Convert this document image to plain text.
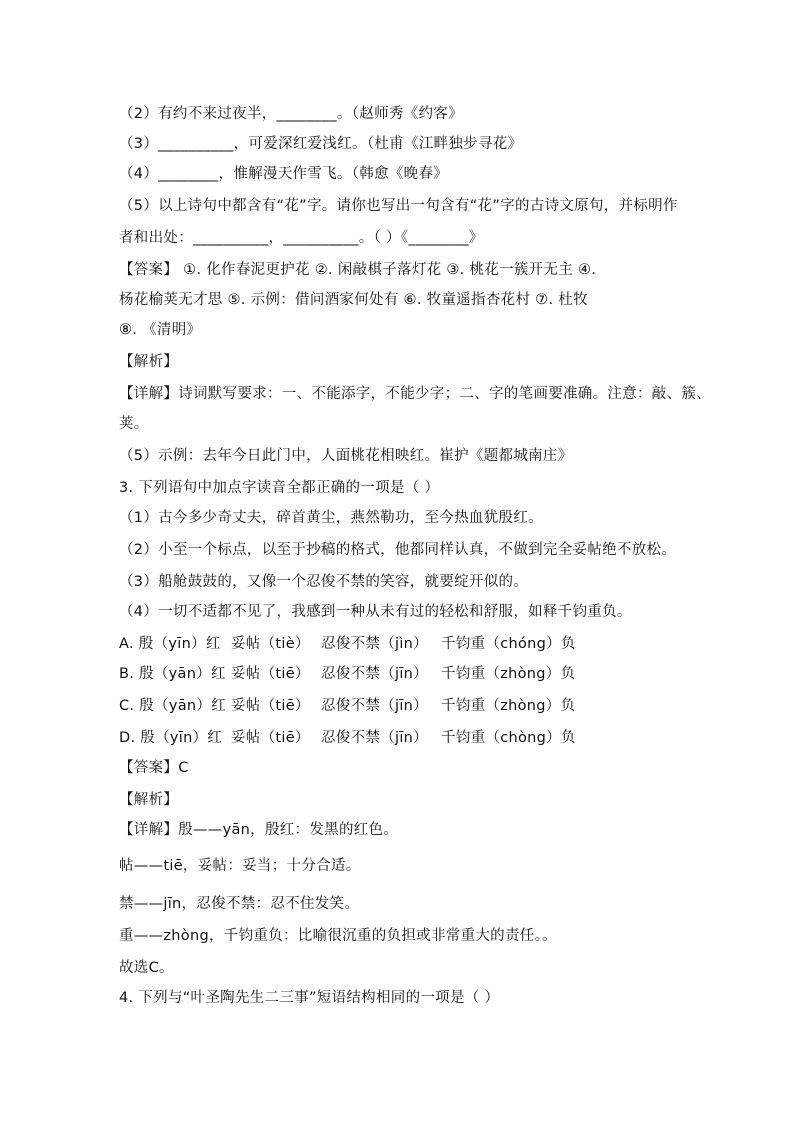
（2）有约不来过夜半，________。（赵师秀《约客》
（3）__________，可爱深红爱浅红。（杜甫《江畔独步寻花》
（4）________，惟解漫天作雪飞。（韩愈《晚春》
（5）以上诗句中都含有“花”字。请你也写出一句含有“花”字的古诗文原句，并标明作
者和出处：__________，__________。（ ）《________》
【答案】 ①. 化作春泥更护花 ②. 闲敲棋子落灯花 ③. 桃花一簇开无主 ④.
杨花榆荚无才思 ⑤. 示例：借问酒家何处有 ⑥. 牧童遥指杏花村 ⑦. 杜牧
⑧. 《清明》
【解析】
【详解】诗词默写要求：一、不能添字，不能少字；二、字的笔画要准确。注意：敲、簇、
荚。
（5）示例：去年今日此门中，人面桃花相映红。崔护《题都城南庄》
3. 下列语句中加点字读音全都正确的一项是（ ）
（1）古今多少奇丈夫，碎首黄尘，燕然勒功，至今热血犹殷红。
（2）小至一个标点，以至于抄稿的格式，他都同样认真，不做到完全妥帖绝不放松。
（3）船舱鼓鼓的，又像一个忍俊不禁的笑容，就要绽开似的。
（4）一切不适都不见了，我感到一种从未有过的轻松和舒服，如释千钧重负。
A. 殷（yīn）红 妥帖（tiè） 忍俊不禁（jìn） 千钧重（chóng）负
B. 殷（yān）红 妥帖（tiē） 忍俊不禁（jīn） 千钧重（zhòng）负
C. 殷（yān）红 妥帖（tiē） 忍俊不禁（jīn） 千钧重（zhòng）负
D. 殷（yīn）红 妥帖（tiē） 忍俊不禁（jīn） 千钧重（chòng）负
【答案】C
【解析】
【详解】殷——yān，殷红：发黑的红色。
帖——tiē，妥帖：妥当；十分合适。
禁——jīn，忍俊不禁：忍不住发笑。
重——zhòng，千钧重负：比喻很沉重的负担或非常重大的责任。。
故选C。
4. 下列与“叶圣陶先生二三事”短语结构相同的一项是（ ）
